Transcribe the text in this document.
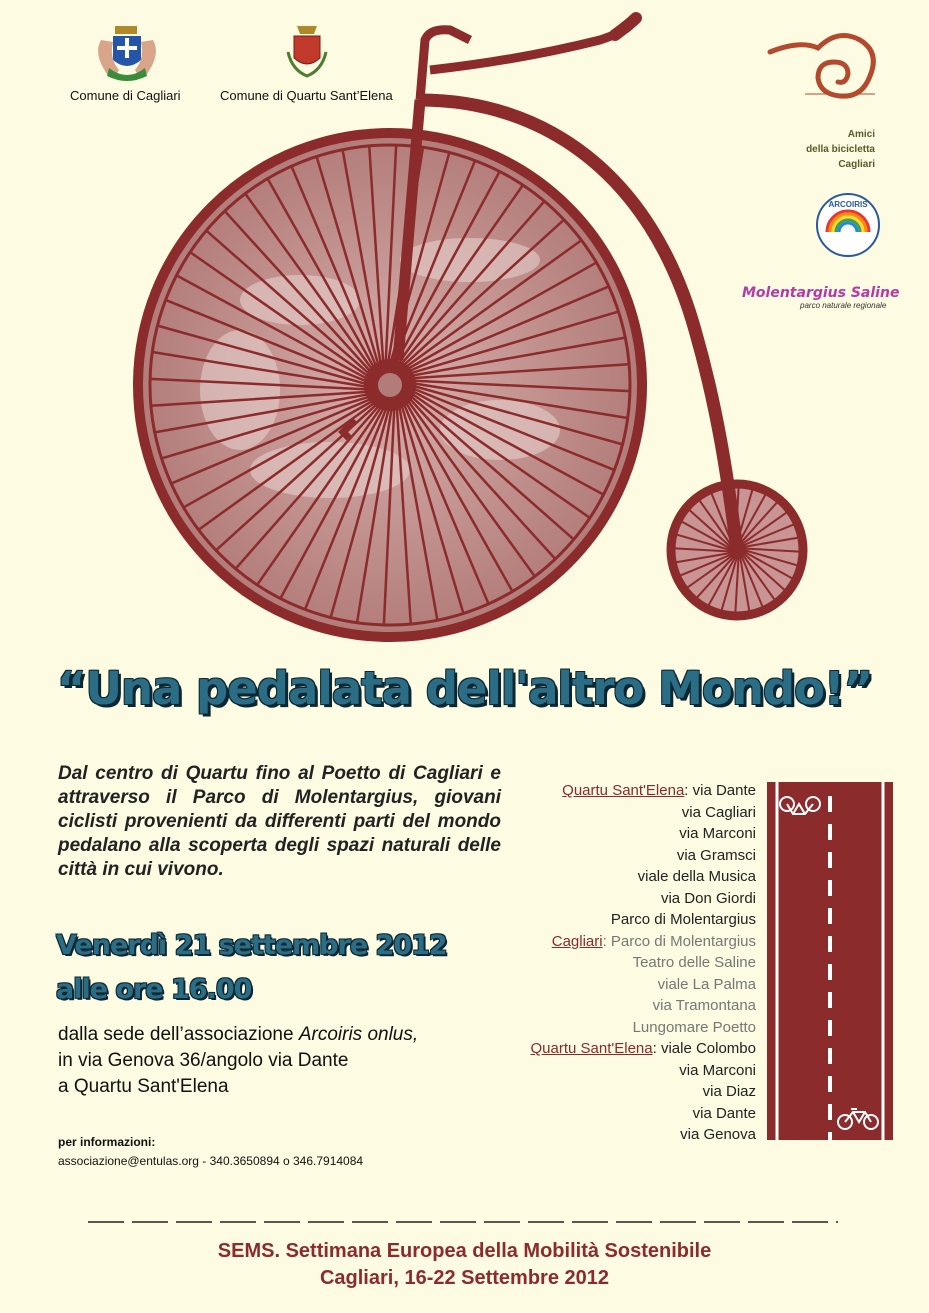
Comune di Cagliari	Comune di Quartu Sant’Elena
Amici
della bicicletta
Cagliari
ARCOIRIS
Molentargius Saline
parco naturale regionale
“Una pedalata dell'altro Mondo!”
Dal centro di Quartu fino al Poetto di Cagliari e attraverso il Parco di Molentargius, giovani ciclisti provenienti da differenti parti del mondo pedalano alla scoperta degli spazi naturali delle città in cui vivono.
Venerdì 21 settembre 2012
alle ore 16.00
dalla sede dell’associazione Arcoiris onlus,
in via Genova 36/angolo via Dante
a Quartu Sant'Elena
per informazioni:
associazione@entulas.org - 340.3650894 o 346.7914084
Quartu Sant'Elena: via Dante
via Cagliari
via Marconi
via Gramsci
viale della Musica
via Don Giordi
Parco di Molentargius
Cagliari: Parco di Molentargius
Teatro delle Saline
viale La Palma
via Tramontana
Lungomare Poetto
Quartu Sant'Elena: viale Colombo
via Marconi
via Diaz
via Dante
via Genova
SEMS. Settimana Europea della Mobilità Sostenibile
Cagliari, 16-22 Settembre 2012
